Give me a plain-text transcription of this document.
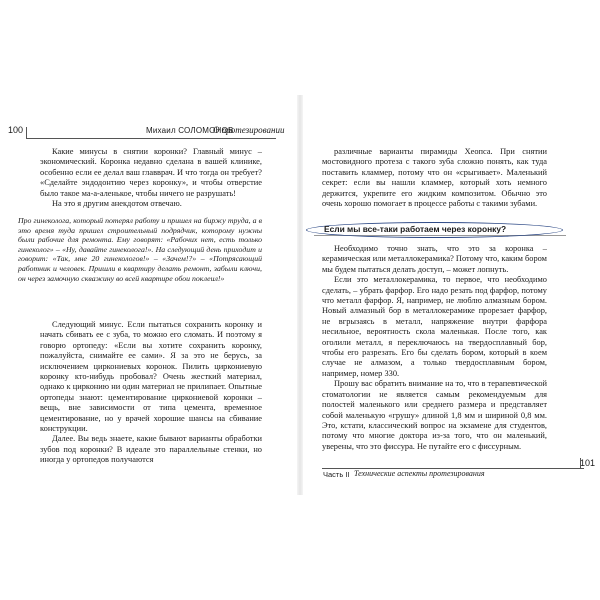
100	Михаил СОЛОМОНОВ
О протезировании

Какие минусы в снятии коронки? Главный минус – экономический. Коронка недавно сделана в вашей клинике, особенно если ее делал ваш главврач. И что тогда он требует? «Сделайте эндодонтию через коронку», и чтобы отверстие было такое ма-а-аленькое, чтобы ничего не разрушать!

На это я другим анекдотом отвечаю.

Про гинеколога, который потерял работу и пришел на биржу труда, а в это время туда пришел строительный подрядчик, которому нужны были рабочие для ремонта. Ему говорят: «Рабочих нет, есть только гинеколог» – «Ну, давайте гинеколога!». На следующий день приходит и говорит: «Так, мне 20 гинекологов!» – «Зачем!?» – «Потрясающий работник и человек. Пришли в квартиру делать ремонт, забыли ключи, он через замочную скважину во всей квартире обои поклеил!»

Следующий минус. Если пытаться сохранить коронку и начать сбивать ее с зуба, то можно его сломать. И поэтому я говорю ортопеду: «Если вы хотите сохранить коронку, пожалуйста, снимайте ее сами». Я за это не берусь, за исключением циркониевых коронок. Пилить циркониевую коронку кто-нибудь пробовал? Очень жесткий материал, однако к цирконию ни один материал не прилипает. Опытные ортопеды знают: цементирование циркониевой коронки – вещь, вне зависимости от типа цемента, временное цементирование, но у врачей хорошие шансы на сбивание конструкции.

Далее. Вы ведь знаете, какие бывают варианты обработки зубов под коронки? В идеале это параллельные стенки, но иногда у ортопедов получаются

различные варианты пирамиды Хеопса. При снятии мостовидного протеза с такого зуба сложно понять, как туда поставить кламмер, потому что он «срыгивает». Маленький секрет: если вы нашли кламмер, который хоть немного держится, укрепите его жидким композитом. Обычно это очень хорошо помогает в процессе работы с такими зубами.

Если мы все-таки работаем через коронку?

Необходимо точно знать, что это за коронка – керамическая или металлокерамика? Потому что, каким бором мы будем пытаться делать доступ, – может лопнуть.

Если это металлокерамика, то первое, что необходимо сделать, – убрать фарфор. Его надо резать под фарфор, потому что металл фарфор. Я, например, не люблю алмазным бором. Новый алмазный бор в металлокерамике прорезает фарфор, не вгрызаясь в металл, напряжение внутри фарфора несильное, вероятность скола маленькая. После того, как оголили металл, я переключаюсь на твердосплавный бор, чтобы его разрезать. Его бы сделать бором, который в коем случае не алмазом, а только твердосплавным бором, например, номер 330.

Прошу вас обратить внимание на то, что в терапевтической стоматологии не является самым рекомендуемым для полостей маленького или среднего размера и представляет собой маленькую «грушу» длиной 1,8 мм и шириной 0,8 мм. Это, кстати, классический вопрос на экзамене для студентов, потому что многие доктора из-за того, что он маленький, уверены, что это фиссура. Не путайте его с фиссурным.

101
Часть II Технические аспекты протезирования
